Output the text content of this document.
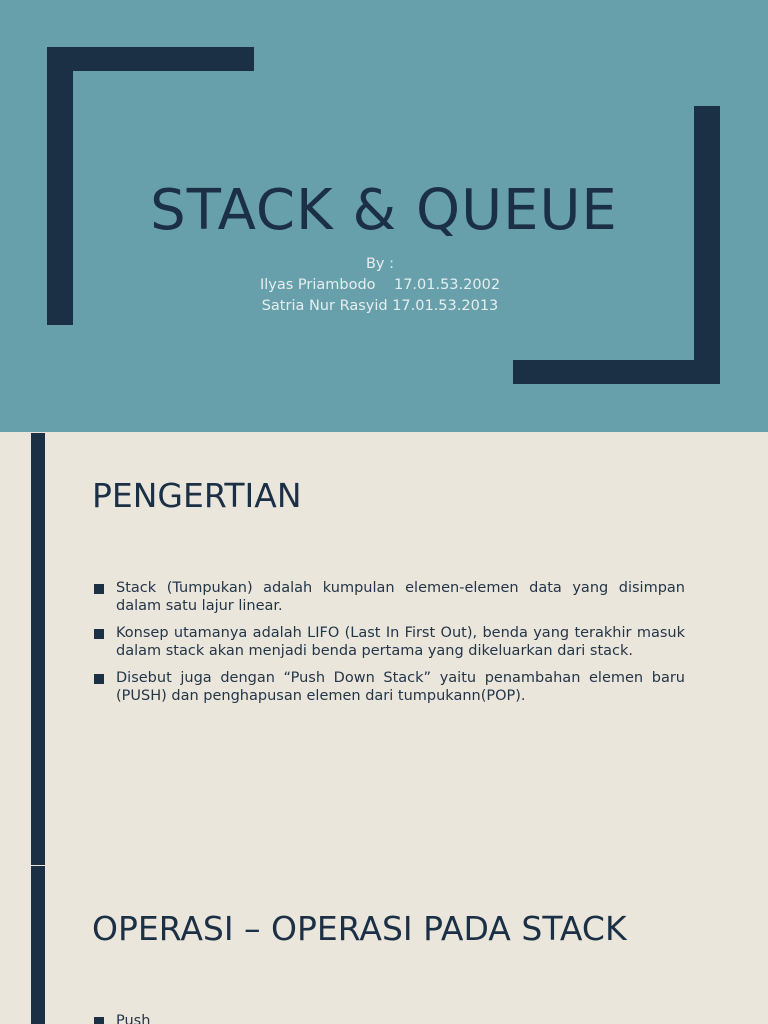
STACK & QUEUE
By :
Ilyas Priambodo    17.01.53.2002
Satria Nur Rasyid 17.01.53.2013
PENGERTIAN
Stack (Tumpukan) adalah kumpulan elemen-elemen data yang disimpan dalam satu lajur linear.
Konsep utamanya adalah LIFO (Last In First Out), benda yang terakhir masuk dalam stack akan menjadi benda pertama yang dikeluarkan dari stack.
Disebut juga dengan “Push Down Stack” yaitu penambahan elemen baru (PUSH) dan penghapusan elemen dari tumpukann(POP).
OPERASI – OPERASI PADA STACK
Push
